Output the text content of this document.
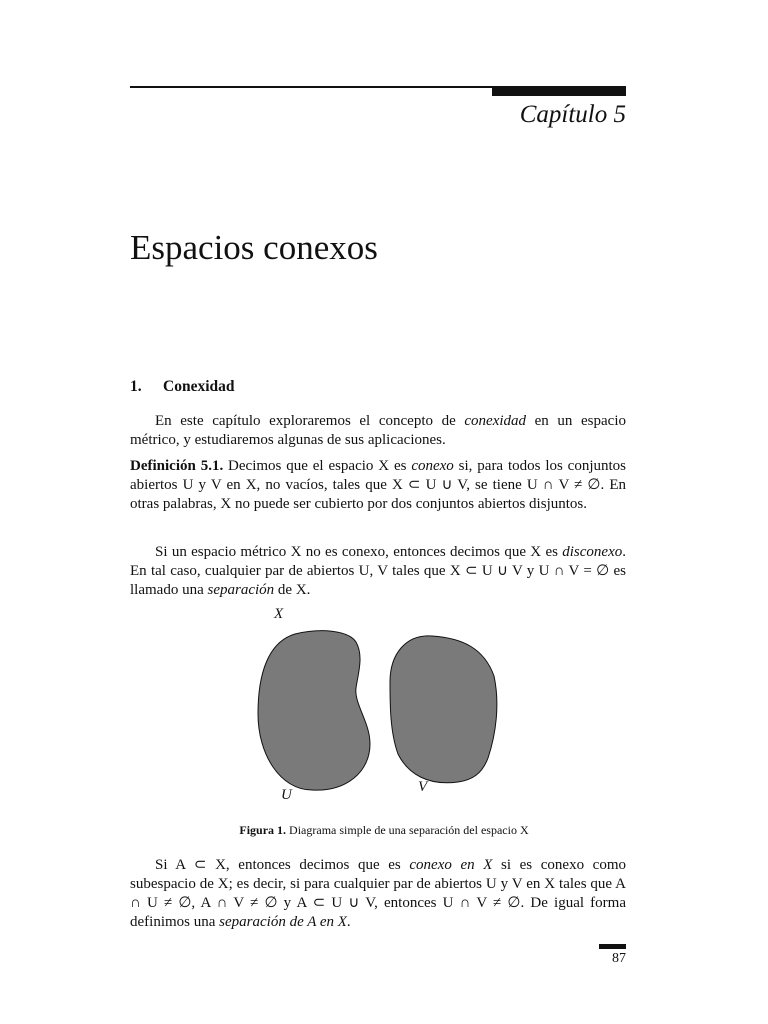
Capítulo 5
Espacios conexos
1. Conexidad

En este capítulo exploraremos el concepto de conexidad en un espacio métrico, y estudiaremos algunas de sus aplicaciones.

Definición 5.1. Decimos que el espacio X es conexo si, para todos los conjuntos abiertos U y V en X, no vacíos, tales que X ⊂ U ∪ V, se tiene U ∩ V ≠ ∅. En otras palabras, X no puede ser cubierto por dos conjuntos abiertos disjuntos.

Si un espacio métrico X no es conexo, entonces decimos que X es disconexo. En tal caso, cualquier par de abiertos U, V tales que X ⊂ U ∪ V y U ∩ V = ∅ es llamado una separación de X.

X
U	V
Figura 1. Diagrama simple de una separación del espacio X

Si A ⊂ X, entonces decimos que es conexo en X si es conexo como subespacio de X; es decir, si para cualquier par de abiertos U y V en X tales que A ∩ U ≠ ∅, A ∩ V ≠ ∅ y A ⊂ U ∪ V, entonces U ∩ V ≠ ∅. De igual forma definimos una separación de A en X.

87
